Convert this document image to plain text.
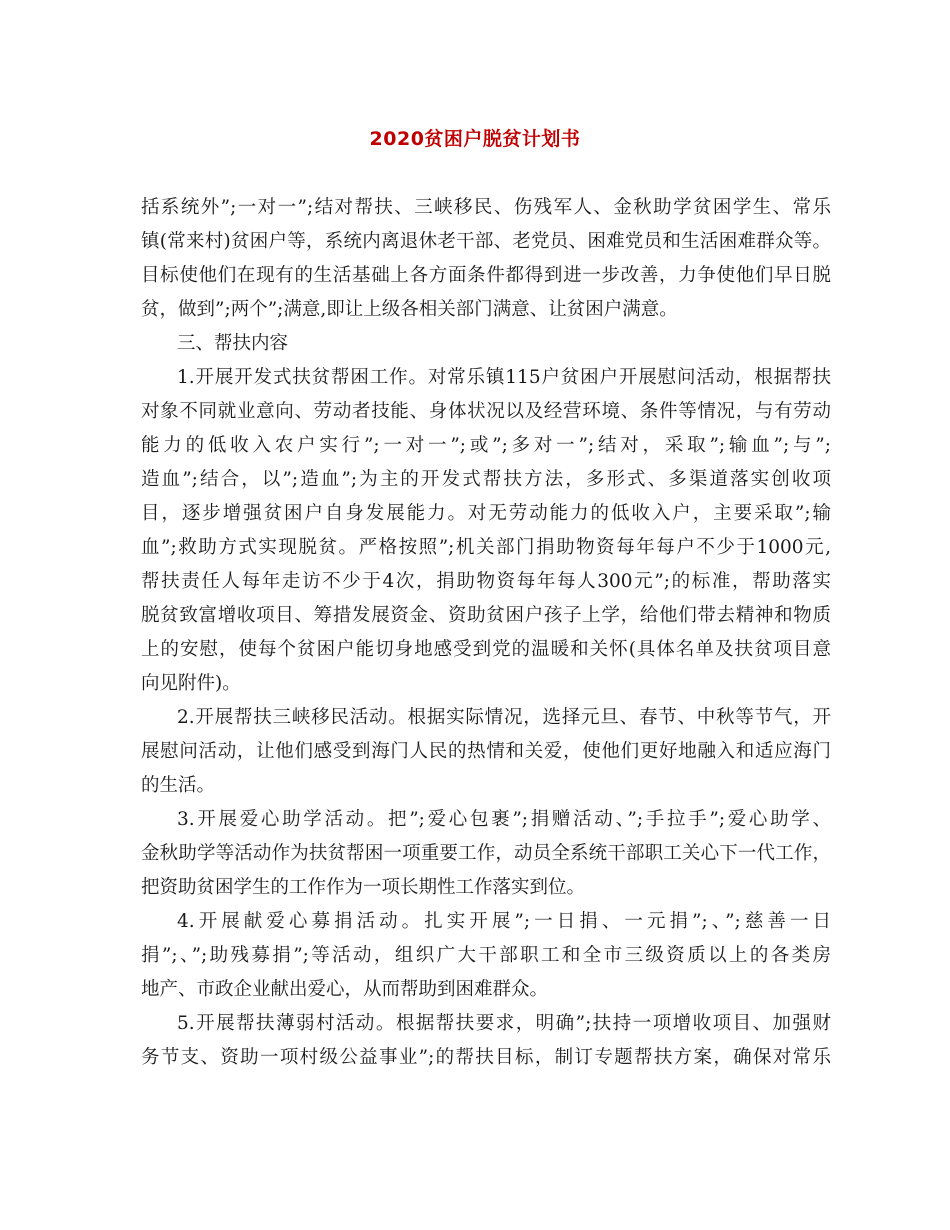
2020贫困户脱贫计划书
括系统外”;一对一”;结对帮扶、三峡移民、伤残军人、金秋助学贫困学生、常乐
镇(常来村)贫困户等，系统内离退休老干部、老党员、困难党员和生活困难群众等。
目标使他们在现有的生活基础上各方面条件都得到进一步改善，力争使他们早日脱
贫，做到”;两个”;满意,即让上级各相关部门满意、让贫困户满意。
三、帮扶内容
1.开展开发式扶贫帮困工作。对常乐镇115户贫困户开展慰问活动，根据帮扶
对象不同就业意向、劳动者技能、身体状况以及经营环境、条件等情况，与有劳动
能力的低收入农户实行”;一对一”;或”;多对一”;结对，采取”;输血”;与”;
造血”;结合，以”;造血”;为主的开发式帮扶方法，多形式、多渠道落实创收项
目，逐步增强贫困户自身发展能力。对无劳动能力的低收入户，主要采取”;输
血”;救助方式实现脱贫。严格按照”;机关部门捐助物资每年每户不少于1000元,
帮扶责任人每年走访不少于4次，捐助物资每年每人300元”;的标准，帮助落实
脱贫致富增收项目、筹措发展资金、资助贫困户孩子上学，给他们带去精神和物质
上的安慰，使每个贫困户能切身地感受到党的温暖和关怀(具体名单及扶贫项目意
向见附件)。
2.开展帮扶三峡移民活动。根据实际情况，选择元旦、春节、中秋等节气，开
展慰问活动，让他们感受到海门人民的热情和关爱，使他们更好地融入和适应海门
的生活。
3.开展爱心助学活动。把”;爱心包裹”;捐赠活动、”;手拉手”;爱心助学、
金秋助学等活动作为扶贫帮困一项重要工作，动员全系统干部职工关心下一代工作，
把资助贫困学生的工作作为一项长期性工作落实到位。
4.开展献爱心募捐活动。扎实开展”;一日捐、一元捐”;、”;慈善一日
捐”;、”;助残募捐”;等活动，组织广大干部职工和全市三级资质以上的各类房
地产、市政企业献出爱心，从而帮助到困难群众。
5.开展帮扶薄弱村活动。根据帮扶要求，明确”;扶持一项增收项目、加强财
务节支、资助一项村级公益事业”;的帮扶目标，制订专题帮扶方案，确保对常乐
